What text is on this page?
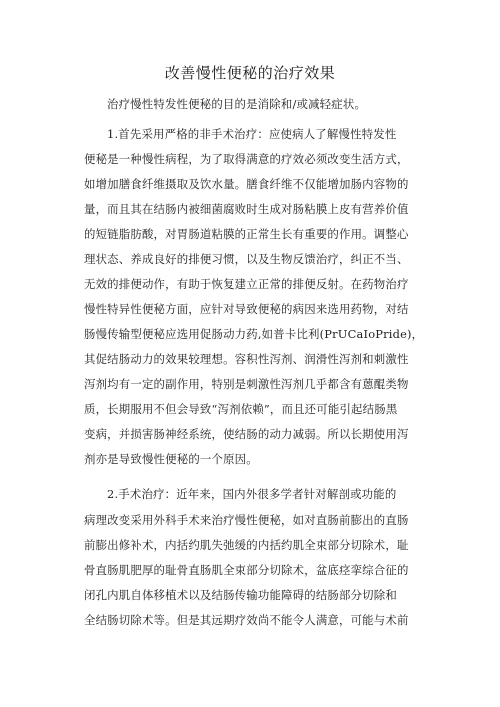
改善慢性便秘的治疗效果
治疗慢性特发性便秘的目的是消除和/或减轻症状。
1.首先采用严格的非手术治疗：应使病人了解慢性特发性
便秘是一种慢性病程，为了取得满意的疗效必须改变生活方式，
如增加膳食纤维摄取及饮水量。膳食纤维不仅能增加肠内容物的
量，而且其在结肠内被细菌腐败时生成对肠粘膜上皮有营养价值
的短链脂肪酸，对胃肠道粘膜的正常生长有重要的作用。调整心
理状态、养成良好的排便习惯，以及生物反馈治疗，纠正不当、
无效的排便动作，有助于恢复建立正常的排便反射。在药物治疗
慢性特异性便秘方面，应针对导致便秘的病因来选用药物，对结
肠慢传输型便秘应选用促肠动力药,如普卡比利(PrUCaIoPride)，
其促结肠动力的效果较理想。容积性泻剂、润滑性泻剂和刺激性
泻剂均有一定的副作用，特别是刺激性泻剂几乎都含有蒽醌类物
质，长期服用不但会导致“泻剂依赖”，而且还可能引起结肠黑
变病，并损害肠神经系统，使结肠的动力减弱。所以长期使用泻
剂亦是导致慢性便秘的一个原因。
2.手术治疗：近年来，国内外很多学者针对解剖或功能的
病理改变采用外科手术来治疗慢性便秘，如对直肠前膨出的直肠
前膨出修补术，内括约肌失弛缓的内括约肌全束部分切除术，耻
骨直肠肌肥厚的耻骨直肠肌全束部分切除术，盆底痉挛综合征的
闭孔内肌自体移植术以及结肠传输功能障碍的结肠部分切除和
全结肠切除术等。但是其远期疗效尚不能令人满意，可能与术前
